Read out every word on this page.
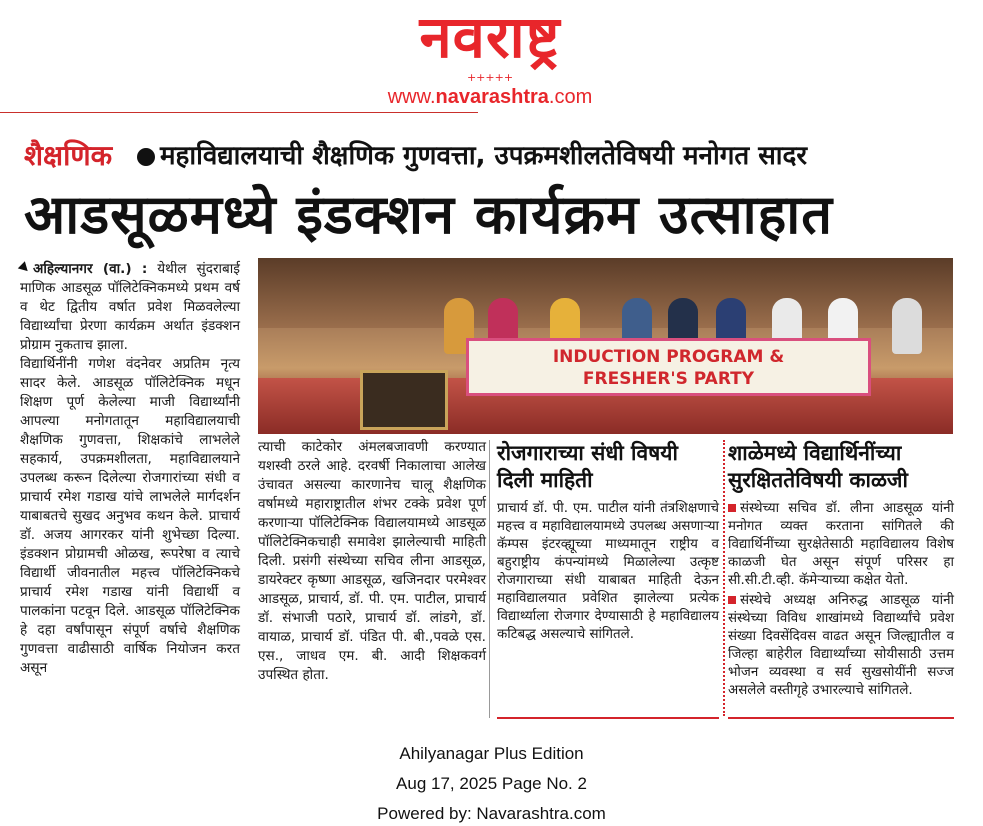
नवराष्ट्र
+++++
www.navarashtra.com
शैक्षणिक महाविद्यालयाची शैक्षणिक गुणवत्ता, उपक्रमशीलतेविषयी मनोगत सादर
आडसूळमध्ये इंडक्शन कार्यक्रम उत्साहात

अहिल्यानगर (वा.) : येथील सुंदराबाई माणिक आडसूळ पॉलिटेक्निकमध्ये प्रथम वर्ष व थेट द्वितीय वर्षात प्रवेश मिळवलेल्या विद्यार्थ्यांचा प्रेरणा कार्यक्रम अर्थात इंडक्शन प्रोग्राम नुकताच झाला.

विद्यार्थिनींनी गणेश वंदनेवर अप्रतिम नृत्य सादर केले. आडसूळ पॉलिटेक्निक मधून शिक्षण पूर्ण केलेल्या माजी विद्यार्थ्यांनी आपल्या मनोगतातून महाविद्यालयाची शैक्षणिक गुणवत्ता, शिक्षकांचे लाभलेले सहकार्य, उपक्रमशीलता, महाविद्यालयाने उपलब्ध करून दिलेल्या रोजगारांच्या संधी व प्राचार्य रमेश गडाख यांचे लाभलेले मार्गदर्शन याबाबतचे सुखद अनुभव कथन केले. प्राचार्य डॉ. अजय आगरकर यांनी शुभेच्छा दिल्या. इंडक्शन प्रोग्रामची ओळख, रूपरेषा व त्याचे विद्यार्थी जीवनातील महत्त्व पॉलिटेक्निकचे प्राचार्य रमेश गडाख यांनी विद्यार्थी व पालकांना पटवून दिले. आडसूळ पॉलिटेक्निक हे दहा वर्षांपासून संपूर्ण वर्षाचे शैक्षणिक गुणवत्ता वाढीसाठी वार्षिक नियोजन करत असून

INDUCTION PROGRAM &
FRESHER'S PARTY

त्याची काटेकोर अंमलबजावणी करण्यात यशस्वी ठरले आहे. दरवर्षी निकालाचा आलेख उंचावत असल्या कारणानेच चालू शैक्षणिक वर्षामध्ये महाराष्ट्रातील शंभर टक्के प्रवेश पूर्ण करणाऱ्या पॉलिटेक्निक विद्यालयामध्ये आडसूळ पॉलिटेक्निकचाही समावेश झालेल्याची माहिती दिली. प्रसंगी संस्थेच्या सचिव लीना आडसूळ, डायरेक्टर कृष्णा आडसूळ, खजिनदार परमेश्वर आडसूळ, प्राचार्य, डॉ. पी. एम. पाटील, प्राचार्य डॉ. संभाजी पठारे, प्राचार्य डॉ. लांडगे, डॉ. वायाळ, प्राचार्य डॉ. पंडित पी. बी.,पवळे एस. एस., जाधव एम. बी. आदी शिक्षकवर्ग उपस्थित होता.

रोजगाराच्या संधी विषयी दिली माहिती

प्राचार्य डॉ. पी. एम. पाटील यांनी तंत्रशिक्षणाचे महत्त्व व महाविद्यालयामध्ये उपलब्ध असणाऱ्या कॅम्पस इंटरव्ह्यूच्या माध्यमातून राष्ट्रीय व बहुराष्ट्रीय कंपन्यांमध्ये मिळालेल्या उत्कृष्ट रोजगाराच्या संधी याबाबत माहिती देऊन महाविद्यालयात प्रवेशित झालेल्या प्रत्येक विद्यार्थ्याला रोजगार देण्यासाठी हे महाविद्यालय कटिबद्ध असल्याचे सांगितले.

शाळेमध्ये विद्यार्थिनींच्या सुरक्षिततेविषयी काळजी

संस्थेच्या सचिव डॉ. लीना आडसूळ यांनी मनोगत व्यक्त करताना सांगितले की विद्यार्थिनींच्या सुरक्षेतेसाठी महाविद्यालय विशेष काळजी घेत असून संपूर्ण परिसर हा सी.सी.टी.व्ही. कॅमेऱ्याच्या कक्षेत येतो.

संस्थेचे अध्यक्ष अनिरुद्ध आडसूळ यांनी संस्थेच्या विविध शाखांमध्ये विद्यार्थ्यांचे प्रवेश संख्या दिवसेंदिवस वाढत असून जिल्ह्यातील व जिल्हा बाहेरील विद्यार्थ्यांच्या सोयीसाठी उत्तम भोजन व्यवस्था व सर्व सुखसोयींनी सज्ज असलेले वस्तीगृहे उभारल्याचे सांगितले.

Ahilyanagar Plus Edition
Aug 17, 2025 Page No. 2
Powered by: Navarashtra.com
